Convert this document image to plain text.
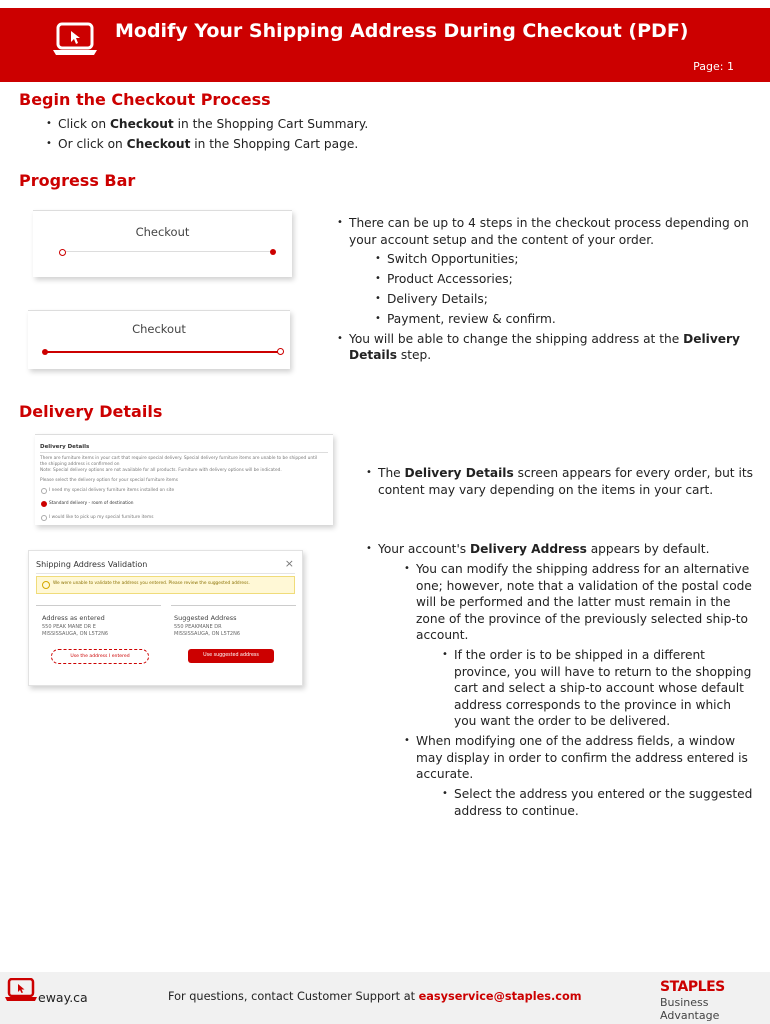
Modify Your Shipping Address During Checkout (PDF)
Page: 1
Begin the Checkout Process
• Click on Checkout in the Shopping Cart Summary.
• Or click on Checkout in the Shopping Cart page.
Progress Bar
Checkout
Checkout
• There can be up to 4 steps in the checkout process depending on your account setup and the content of your order.
• Switch Opportunities;
• Product Accessories;
• Delivery Details;
• Payment, review & confirm.
• You will be able to change the shipping address at the Delivery Details step.
Delivery Details
Delivery Details
There are furniture items in your cart that require special delivery. Special delivery furniture items are unable to be shipped until the shipping address is confirmed on
Note: Special delivery options are not available for all products. Furniture with delivery options will be indicated.
Please select the delivery option for your special furniture items
I need my special delivery furniture items installed on site
Standard delivery - room of destination
I would like to pick up my special furniture items
Shipping Address Validation	×
We were unable to validate the address you entered. Please review the suggested address.
Address as entered
550 PEAK MANE DR E
MISSISSAUGA, ON L5T2N6
Suggested Address
550 PEAKMANE DR
MISSISSAUGA, ON L5T2N6
Use the address I entered	Use suggested address
• The Delivery Details screen appears for every order, but its content may vary depending on the items in your cart.
• Your account's Delivery Address appears by default.
• You can modify the shipping address for an alternative one; however, note that a validation of the postal code will be performed and the latter must remain in the zone of the province of the previously selected ship-to account.
• If the order is to be shipped in a different province, you will have to return to the shopping cart and select a ship-to account whose default address corresponds to the province in which you want the order to be delivered.
• When modifying one of the address fields, a window may display in order to confirm the address entered is accurate.
• Select the address you entered or the suggested address to continue.
eway.ca	For questions, contact Customer Support at easyservice@staples.com
STAPLES
Business Advantage
